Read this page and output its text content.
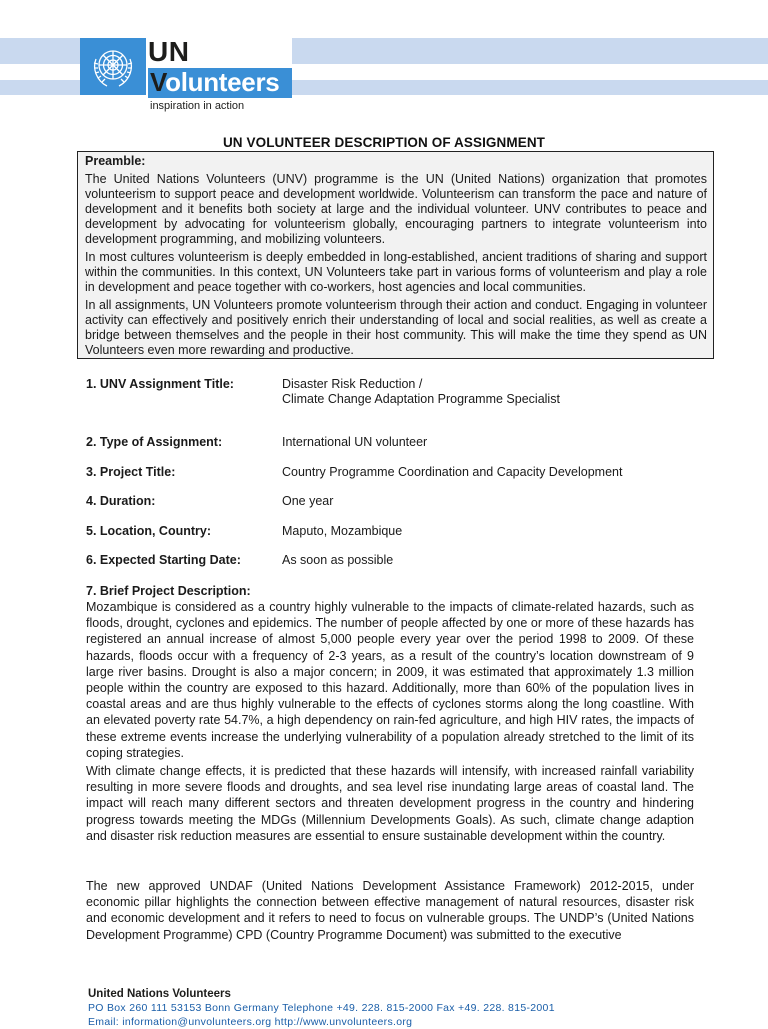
UN
Volunteers
inspiration in action
UN VOLUNTEER DESCRIPTION OF ASSIGNMENT
Preamble:

The United Nations Volunteers (UNV) programme is the UN (United Nations) organization that promotes volunteerism to support peace and development worldwide. Volunteerism can transform the pace and nature of development and it benefits both society at large and the individual volunteer. UNV contributes to peace and development by advocating for volunteerism globally, encouraging partners to integrate volunteerism into development programming, and mobilizing volunteers.

In most cultures volunteerism is deeply embedded in long-established, ancient traditions of sharing and support within the communities. In this context, UN Volunteers take part in various forms of volunteerism and play a role in development and peace together with co-workers, host agencies and local communities.

In all assignments, UN Volunteers promote volunteerism through their action and conduct. Engaging in volunteer activity can effectively and positively enrich their understanding of local and social realities, as well as create a bridge between themselves and the people in their host community. This will make the time they spend as UN Volunteers even more rewarding and productive.

1. UNV Assignment Title:	Disaster Risk Reduction /
Climate Change Adaptation Programme Specialist
2. Type of Assignment:	International UN volunteer
3. Project Title:	Country Programme Coordination and Capacity Development
4. Duration:	One year
5. Location, Country:	Maputo, Mozambique
6. Expected Starting Date:	As soon as possible
7. Brief Project Description:

Mozambique is considered as a country highly vulnerable to the impacts of climate-related hazards, such as floods, drought, cyclones and epidemics. The number of people affected by one or more of these hazards has registered an annual increase of almost 5,000 people every year over the period 1998 to 2009. Of these hazards, floods occur with a frequency of 2-3 years, as a result of the country’s location downstream of 9 large river basins. Drought is also a major concern; in 2009, it was estimated that approximately 1.3 million people within the country are exposed to this hazard. Additionally, more than 60% of the population lives in coastal areas and are thus highly vulnerable to the effects of cyclones storms along the long coastline. With an elevated poverty rate 54.7%, a high dependency on rain-fed agriculture, and high HIV rates, the impacts of these extreme events increase the underlying vulnerability of a population already stretched to the limit of its coping strategies.

With climate change effects, it is predicted that these hazards will intensify, with increased rainfall variability resulting in more severe floods and droughts, and sea level rise inundating large areas of coastal land. The impact will reach many different sectors and threaten development progress in the country and hindering progress towards meeting the MDGs (Millennium Developments Goals). As such, climate change adaption and disaster risk reduction measures are essential to ensure sustainable development within the country.

The new approved UNDAF (United Nations Development Assistance Framework) 2012-2015, under economic pillar highlights the connection between effective management of natural resources, disaster risk and economic development and it refers to need to focus on vulnerable groups. The UNDP’s (United Nations Development Programme) CPD (Country Programme Document) was submitted to the executive

United Nations Volunteers
PO Box 260 111 53153 Bonn Germany Telephone +49. 228. 815-2000 Fax +49. 228. 815-2001
Email: information@unvolunteers.org http://www.unvolunteers.org
